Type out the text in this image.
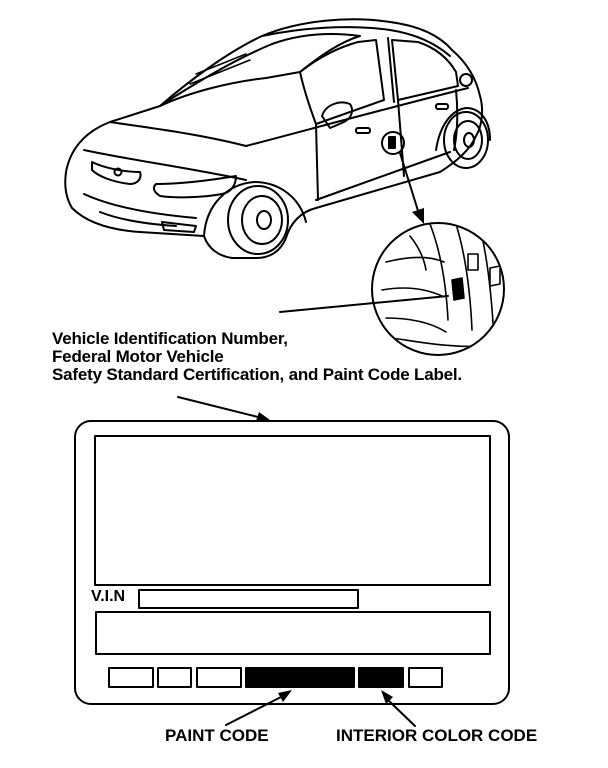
Vehicle Identification Number,
Federal Motor Vehicle
Safety Standard Certification, and Paint Code Label.
V.I.N
PAINT CODE	INTERIOR COLOR CODE
